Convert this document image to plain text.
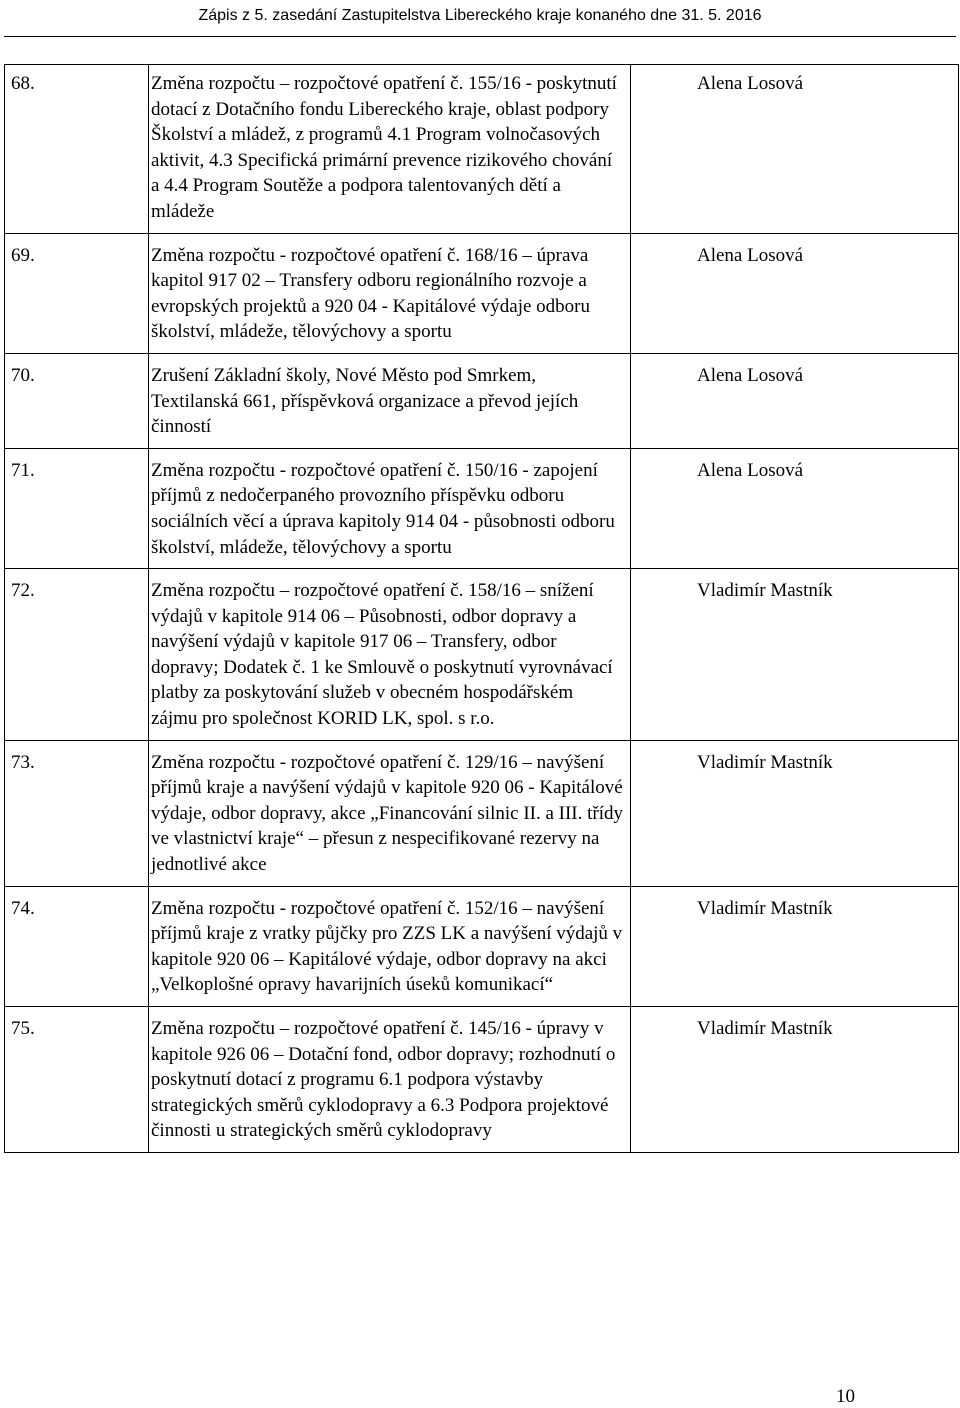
Zápis z 5. zasedání Zastupitelstva Libereckého kraje konaného dne 31. 5. 2016
68.	Změna rozpočtu – rozpočtové opatření č. 155/16 - poskytnutí dotací z Dotačního fondu Libereckého kraje, oblast podpory Školství a mládež, z programů 4.1 Program volnočasových aktivit, 4.3 Specifická primární prevence rizikového chování a 4.4 Program Soutěže a podpora talentovaných dětí a mládeže	Alena Losová

69.	Změna rozpočtu - rozpočtové opatření č. 168/16 – úprava kapitol 917 02 – Transfery odboru regionálního rozvoje a evropských projektů a 920 04 - Kapitálové výdaje odboru školství, mládeže, tělovýchovy a sportu	Alena Losová

70.	Zrušení Základní školy, Nové Město pod Smrkem, Textilanská 661, příspěvková organizace a převod jejích činností	Alena Losová

71.	Změna rozpočtu - rozpočtové opatření č. 150/16 - zapojení příjmů z nedočerpaného provozního příspěvku odboru sociálních věcí a úprava kapitoly 914 04 - působnosti odboru školství, mládeže, tělovýchovy a sportu	Alena Losová

72.	Změna rozpočtu – rozpočtové opatření č. 158/16 – snížení výdajů v kapitole 914 06 – Působnosti, odbor dopravy a navýšení výdajů v kapitole 917 06 – Transfery, odbor dopravy; Dodatek č. 1 ke Smlouvě o poskytnutí vyrovnávací platby za poskytování služeb v obecném hospodářském zájmu pro společnost KORID LK, spol. s r.o.	Vladimír Mastník

73.	Změna rozpočtu - rozpočtové opatření č. 129/16 – navýšení příjmů kraje a navýšení výdajů v kapitole 920 06 - Kapitálové výdaje, odbor dopravy, akce „Financování silnic II. a III. třídy ve vlastnictví kraje“ – přesun z nespecifikované rezervy na jednotlivé akce	Vladimír Mastník

74.	Změna rozpočtu - rozpočtové opatření č. 152/16 – navýšení příjmů kraje z vratky půjčky pro ZZS LK a navýšení výdajů v kapitole 920 06 – Kapitálové výdaje, odbor dopravy na akci „Velkoplošné opravy havarijních úseků komunikací“	Vladimír Mastník

75.	Změna rozpočtu – rozpočtové opatření č. 145/16 - úpravy v kapitole 926 06 – Dotační fond, odbor dopravy; rozhodnutí o poskytnutí dotací z programu 6.1 podpora výstavby strategických směrů cyklodopravy a 6.3 Podpora projektové činnosti u strategických směrů cyklodopravy	Vladimír Mastník
10
